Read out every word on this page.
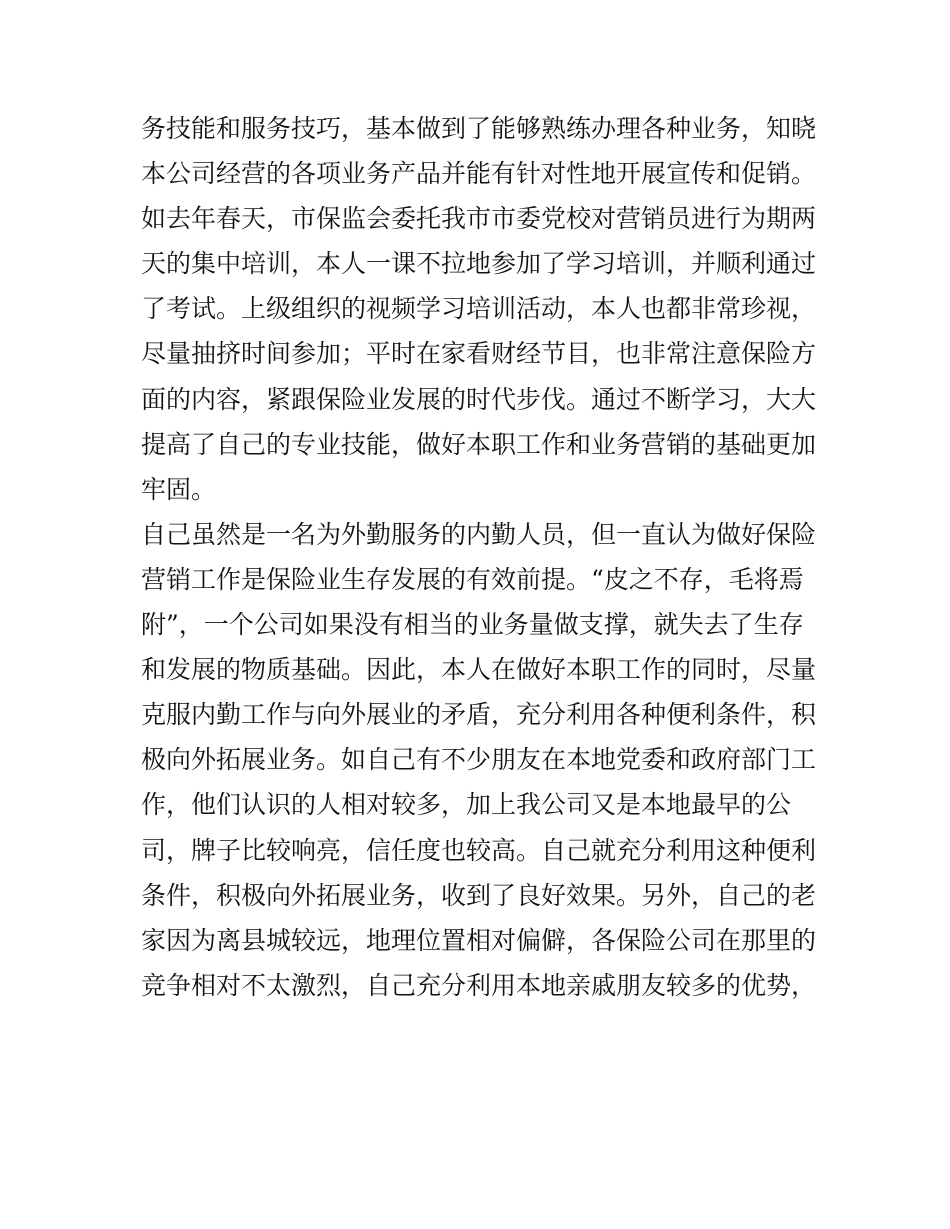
务技能和服务技巧，基本做到了能够熟练办理各种业务，知晓
本公司经营的各项业务产品并能有针对性地开展宣传和促销。
如去年春天，市保监会委托我市市委党校对营销员进行为期两
天的集中培训，本人一课不拉地参加了学习培训，并顺利通过
了考试。上级组织的视频学习培训活动，本人也都非常珍视，
尽量抽挤时间参加；平时在家看财经节目，也非常注意保险方
面的内容，紧跟保险业发展的时代步伐。通过不断学习，大大
提高了自己的专业技能，做好本职工作和业务营销的基础更加
牢固。
自己虽然是一名为外勤服务的内勤人员，但一直认为做好保险
营销工作是保险业生存发展的有效前提。“皮之不存，毛将焉
附”，一个公司如果没有相当的业务量做支撑，就失去了生存
和发展的物质基础。因此，本人在做好本职工作的同时，尽量
克服内勤工作与向外展业的矛盾，充分利用各种便利条件，积
极向外拓展业务。如自己有不少朋友在本地党委和政府部门工
作，他们认识的人相对较多，加上我公司又是本地最早的公
司，牌子比较响亮，信任度也较高。自己就充分利用这种便利
条件，积极向外拓展业务，收到了良好效果。另外，自己的老
家因为离县城较远，地理位置相对偏僻，各保险公司在那里的
竞争相对不太激烈，自己充分利用本地亲戚朋友较多的优势，
